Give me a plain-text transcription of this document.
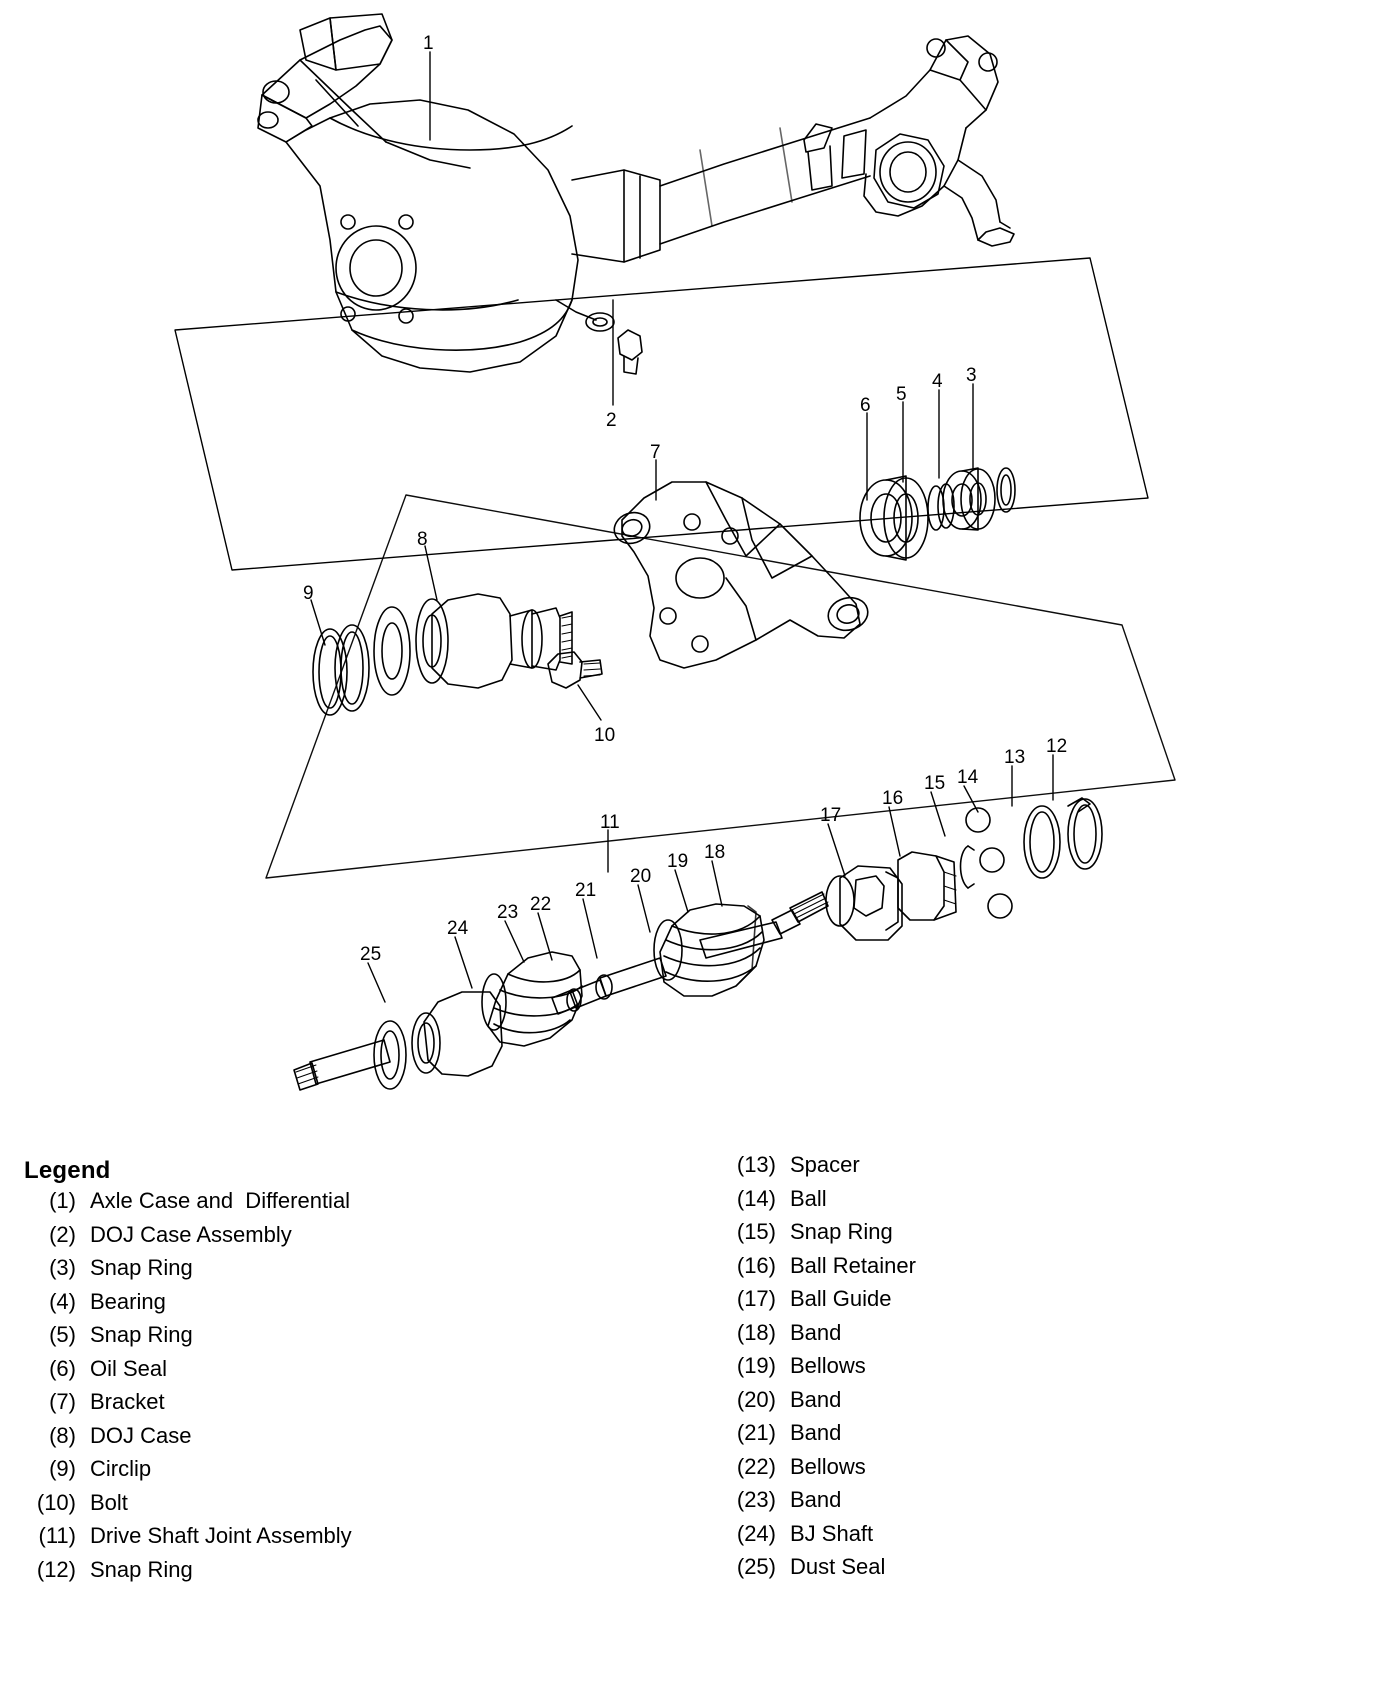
1
2
3
4
5
6
7
8
9
10
11
12
13
14
15
16
17
18
19
20
21
22
23
24
25
Legend
(1) Axle Case and  Differential
(2) DOJ Case Assembly
(3) Snap Ring
(4) Bearing
(5) Snap Ring
(6) Oil Seal
(7) Bracket
(8) DOJ Case
(9) Circlip
(10) Bolt
(11) Drive Shaft Joint Assembly
(12) Snap Ring
(13) Spacer
(14) Ball
(15) Snap Ring
(16) Ball Retainer
(17) Ball Guide
(18) Band
(19) Bellows
(20) Band
(21) Band
(22) Bellows
(23) Band
(24) BJ Shaft
(25) Dust Seal
